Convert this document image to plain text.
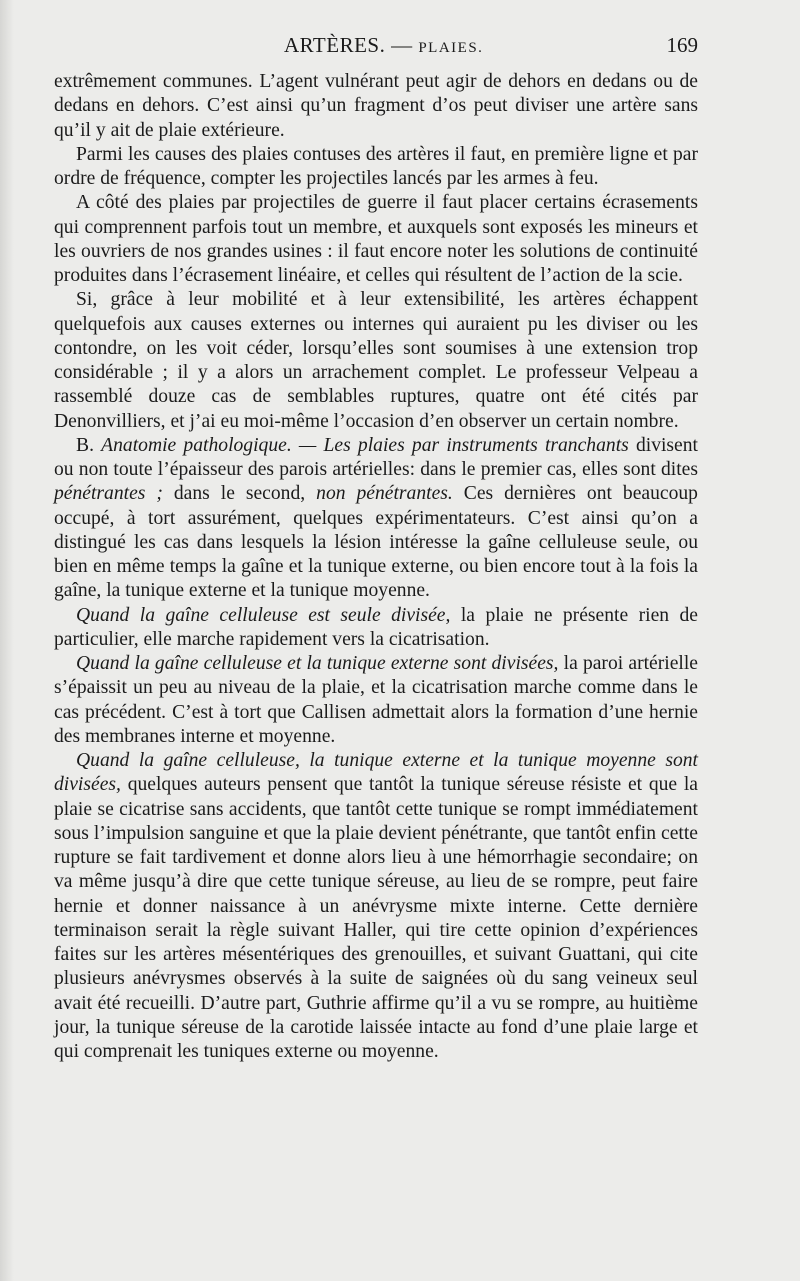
ARTÈRES. — PLAIES.	169

extrêmement communes. L’agent vulnérant peut agir de dehors en dedans ou de dedans en dehors. C’est ainsi qu’un fragment d’os peut diviser une artère sans qu’il y ait de plaie extérieure.

Parmi les causes des plaies contuses des artères il faut, en première ligne et par ordre de fréquence, compter les projectiles lancés par les armes à feu.

A côté des plaies par projectiles de guerre il faut placer certains écrasements qui comprennent parfois tout un membre, et auxquels sont exposés les mineurs et les ouvriers de nos grandes usines : il faut encore noter les solutions de continuité produites dans l’écrasement linéaire, et celles qui résultent de l’action de la scie.

Si, grâce à leur mobilité et à leur extensibilité, les artères échappent quelquefois aux causes externes ou internes qui auraient pu les diviser ou les contondre, on les voit céder, lorsqu’elles sont soumises à une extension trop considérable ; il y a alors un arrachement complet. Le professeur Velpeau a rassemblé douze cas de semblables ruptures, quatre ont été cités par Denonvilliers, et j’ai eu moi-même l’occasion d’en observer un certain nombre.

B. Anatomie pathologique. — Les plaies par instruments tranchants divisent ou non toute l’épaisseur des parois artérielles: dans le premier cas, elles sont dites pénétrantes ; dans le second, non pénétrantes. Ces dernières ont beaucoup occupé, à tort assurément, quelques expérimentateurs. C’est ainsi qu’on a distingué les cas dans lesquels la lésion intéresse la gaîne celluleuse seule, ou bien en même temps la gaîne et la tunique externe, ou bien encore tout à la fois la gaîne, la tunique externe et la tunique moyenne.

Quand la gaîne celluleuse est seule divisée, la plaie ne présente rien de particulier, elle marche rapidement vers la cicatrisation.

Quand la gaîne celluleuse et la tunique externe sont divisées, la paroi artérielle s’épaissit un peu au niveau de la plaie, et la cicatrisation marche comme dans le cas précédent. C’est à tort que Callisen admettait alors la formation d’une hernie des membranes interne et moyenne.

Quand la gaîne celluleuse, la tunique externe et la tunique moyenne sont divisées, quelques auteurs pensent que tantôt la tunique séreuse résiste et que la plaie se cicatrise sans accidents, que tantôt cette tunique se rompt immédiatement sous l’impulsion sanguine et que la plaie devient pénétrante, que tantôt enfin cette rupture se fait tardivement et donne alors lieu à une hémorrhagie secondaire; on va même jusqu’à dire que cette tunique séreuse, au lieu de se rompre, peut faire hernie et donner naissance à un anévrysme mixte interne. Cette dernière terminaison serait la règle suivant Haller, qui tire cette opinion d’expériences faites sur les artères mésentériques des grenouilles, et suivant Guattani, qui cite plusieurs anévrysmes observés à la suite de saignées où du sang veineux seul avait été recueilli. D’autre part, Guthrie affirme qu’il a vu se rompre, au huitième jour, la tunique séreuse de la carotide laissée intacte au fond d’une plaie large et qui comprenait les tuniques externe ou moyenne.
